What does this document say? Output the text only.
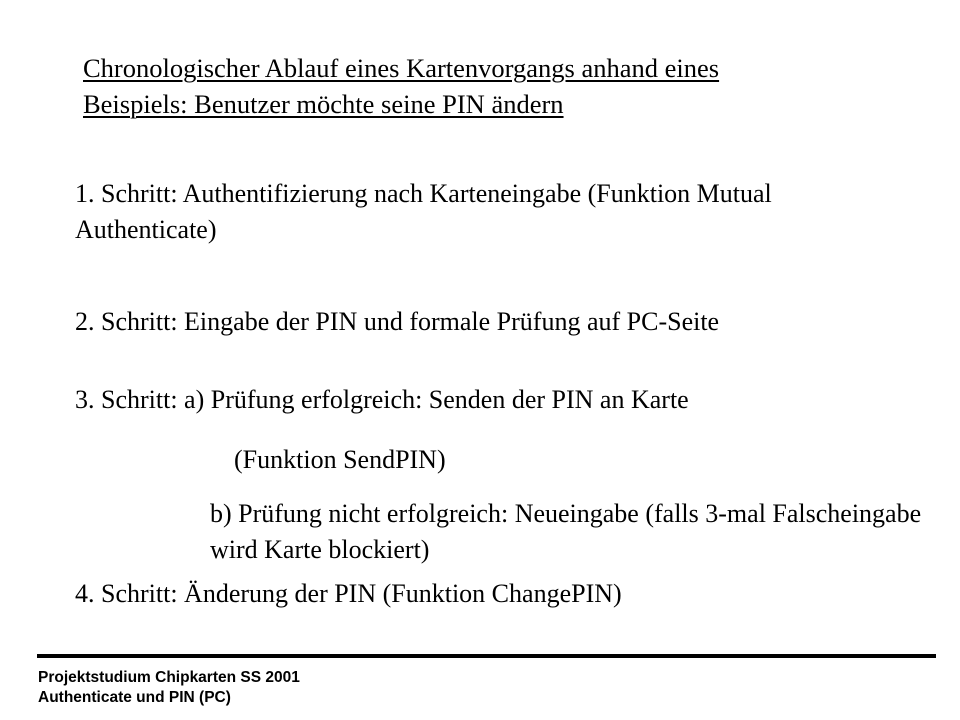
Chronologischer Ablauf eines Kartenvorgangs anhand eines
Beispiels: Benutzer möchte seine PIN ändern
1. Schritt: Authentifizierung nach Karteneingabe (Funktion Mutual Authenticate)
2. Schritt: Eingabe der PIN und formale Prüfung auf PC-Seite
3. Schritt: a) Prüfung erfolgreich: Senden der PIN an Karte
(Funktion SendPIN)
b) Prüfung nicht erfolgreich: Neueingabe (falls 3-mal Falscheingabe wird Karte blockiert)
4. Schritt: Änderung der PIN (Funktion ChangePIN)
Projektstudium Chipkarten SS 2001
Authenticate und PIN (PC)
